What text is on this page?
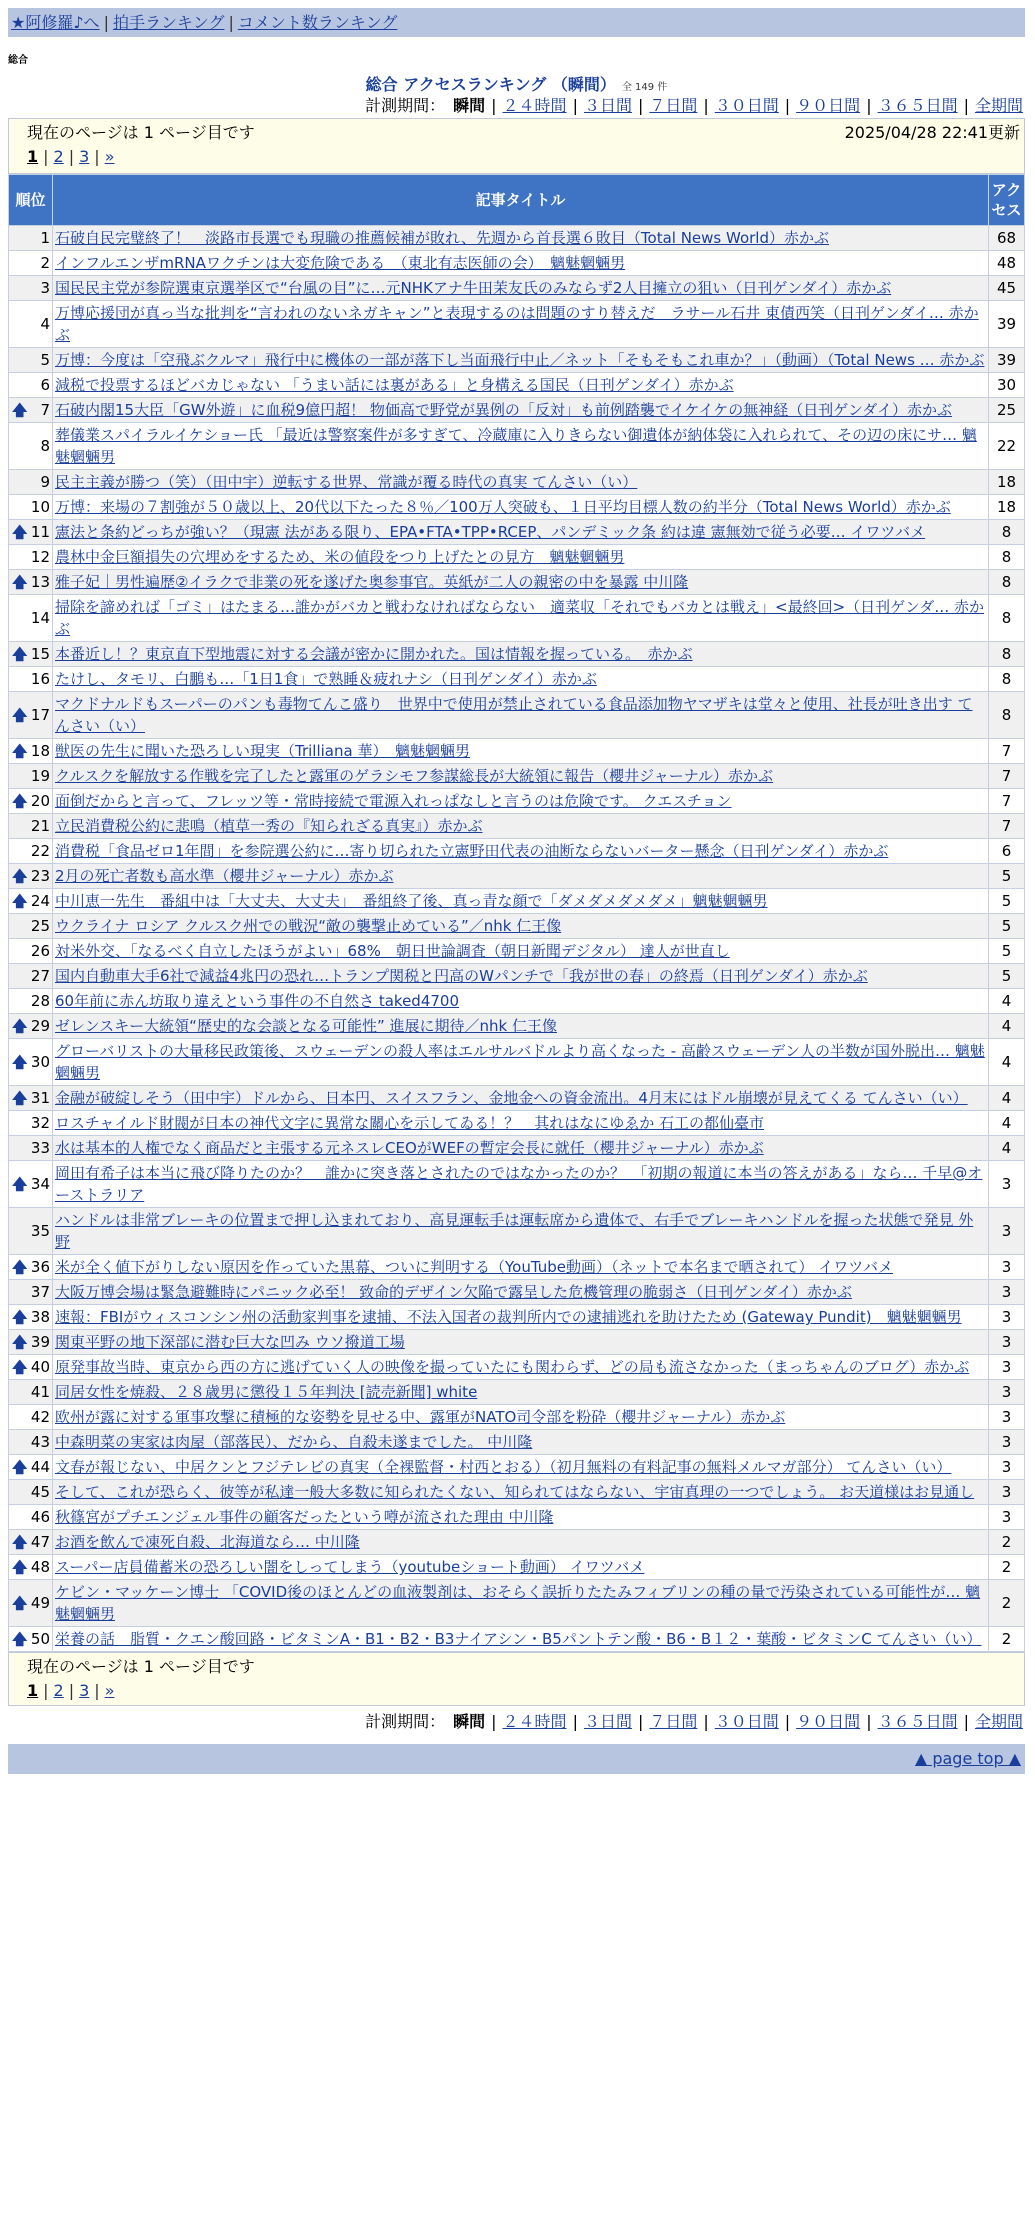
★阿修羅♪へ | 拍手ランキング | コメント数ランキング
総合
総合 アクセスランキング （瞬間） 全 149 件
計測期間： 瞬間 | ２４時間 | ３日間 | ７日間 | ３０日間 | ９０日間 | ３６５日間 | 全期間
現在のページは 1 ページ目です	2025/04/28 22:41更新
1 | 2 | 3 | »
順位	記事タイトル	アクセス
1	石破自民完璧終了！　淡路市長選でも現職の推薦候補が敗れ、先週から首長選６敗目（Total News World）赤かぶ	68
2	インフルエンザmRNAワクチンは大変危険である　（東北有志医師の会）　魑魅魍魎男	48
3	国民民主党が参院選東京選挙区で“台風の目”に…元NHKアナ牛田茉友氏のみならず2人目擁立の狙い（日刊ゲンダイ）赤かぶ	45
4	万博応援団が真っ当な批判を“言われのないネガキャン”と表現するのは問題のすり替えだ　ラサール石井 東債西笑（日刊ゲンダイ… 赤かぶ	39
5	万博：今度は「空飛ぶクルマ」飛行中に機体の一部が落下し当面飛行中止／ネット「そもそもこれ車か？」（動画）（Total News … 赤かぶ	39
6	減税で投票するほどバカじゃない 「うまい話には裏がある」と身構える国民（日刊ゲンダイ）赤かぶ	30

🡅 7	石破内閣15大臣「GW外遊」に血税9億円超！ 物価高で野党が異例の「反対」も前例踏襲でイケイケの無神経（日刊ゲンダイ）赤かぶ	25
8	葬儀業スパイラルイケショー氏 「最近は警察案件が多すぎて、冷蔵庫に入りきらない御遺体が納体袋に入れられて、その辺の床にサ… 魑魅魍魎男	22
9	民主主義が勝つ（笑）（田中宇）逆転する世界、常識が覆る時代の真実 てんさい（い）	18
10	万博：来場の７割強が５０歳以上、20代以下たった８％／100万人突破も、１日平均目標人数の約半分（Total News World）赤かぶ	18

🡅 11	憲法と条約どっちが強い？（現憲 法がある限り、EPA•FTA•TPP•RCEP、パンデミック条 約は違 憲無効で従う必要… イワツバメ	8
12	農林中金巨額損失の穴埋めをするため、米の値段をつり上げたとの見方　魑魅魍魎男	8

🡅 13	雅子妃｜男性遍歴②イラクで非業の死を遂げた奥参事官。英紙が二人の親密の中を暴露 中川隆	8
14	掃除を諦めれば「ゴミ」はたまる…誰かがバカと戦わなければならない　適菜収「それでもバカとは戦え」<最終回>（日刊ゲンダ… 赤かぶ	8

🡅 15	本番近し！？東京直下型地震に対する会議が密かに開かれた。国は情報を握っている。　赤かぶ	8
16	たけし、タモリ、白鵬も…「1日1食」で熟睡＆疲れナシ（日刊ゲンダイ）赤かぶ	8

🡅 17	マクドナルドもスーパーのパンも毒物てんこ盛り　世界中で使用が禁止されている食品添加物ヤマザキは堂々と使用、社長が吐き出す てんさい（い）	8

🡅 18	獣医の先生に聞いた恐ろしい現実（Trilliana 華）　魑魅魍魎男	7
19	クルスクを解放する作戦を完了したと露軍のゲラシモフ参謀総長が大統領に報告（櫻井ジャーナル）赤かぶ	7

🡅 20	面倒だからと言って、フレッツ等・常時接続で電源入れっぱなしと言うのは危険です。 クエスチョン	7
21	立民消費税公約に悲鳴（植草一秀の『知られざる真実』）赤かぶ	7
22	消費税「食品ゼロ1年間」を参院選公約に…寄り切られた立憲野田代表の油断ならないバーター懸念（日刊ゲンダイ）赤かぶ	6

🡅 23	2月の死亡者数も高水準（櫻井ジャーナル）赤かぶ	5

🡅 24	中川恵一先生　番組中は「大丈夫、大丈夫」　番組終了後、真っ青な顔で「ダメダメダメダメ」魑魅魍魎男	5
25	ウクライナ ロシア クルスク州での戦況“敵の襲撃止めている”／nhk 仁王像	5
26	対米外交、「なるべく自立したほうがよい」68%　朝日世論調査（朝日新聞デジタル） 達人が世直し	5
27	国内自動車大手6社で減益4兆円の恐れ…トランプ関税と円高のWパンチで「我が世の春」の終焉（日刊ゲンダイ）赤かぶ	5
28	60年前に赤ん坊取り違えという事件の不自然さ taked4700	4

🡅 29	ゼレンスキー大統領“歴史的な会談となる可能性” 進展に期待／nhk 仁王像	4

🡅 30	グローバリストの大量移民政策後、スウェーデンの殺人率はエルサルバドルより高くなった - 高齢スウェーデン人の半数が国外脱出… 魑魅魍魎男	4

🡅 31	金融が破綻しそう（田中宇）ドルから、日本円、スイスフラン、金地金への資金流出。4月末にはドル崩壊が見えてくる てんさい（い）	4
32	ロスチャイルド財閥が日本の神代文字に異常な關心を示してゐる！？　其れはなにゆゑか 石工の都仙臺市	4
33	水は基本的人権でなく商品だと主張する元ネスレCEOがWEFの暫定会長に就任（櫻井ジャーナル）赤かぶ	4

🡅 34	岡田有希子は本当に飛び降りたのか？　誰かに突き落とされたのではなかったのか？　「初期の報道に本当の答えがある」なら… 千早@オーストラリア	3
35	ハンドルは非常ブレーキの位置まで押し込まれており、高見運転手は運転席から遺体で、右手でブレーキハンドルを握った状態で発見 外野	3

🡅 36	米が全く値下がりしない原因を作っていた黒幕、ついに判明する（YouTube動画）（ネットで本名まで晒されて） イワツバメ	3
37	大阪万博会場は緊急避難時にパニック必至！ 致命的デザイン欠陥で露呈した危機管理の脆弱さ（日刊ゲンダイ）赤かぶ	3

🡅 38	速報：FBIがウィスコンシン州の活動家判事を逮捕、不法入国者の裁判所内での逮捕逃れを助けたため (Gateway Pundit)　魑魅魍魎男	3

🡅 39	関東平野の地下深部に潜む巨大な凹み ウソ撥道工場	3

🡅 40	原発事故当時、東京から西の方に逃げていく人の映像を撮っていたにも関わらず、どの局も流さなかった（まっちゃんのブログ）赤かぶ	3
41	同居女性を焼殺、２８歳男に懲役１５年判決 [読売新聞] white	3
42	欧州が露に対する軍事攻撃に積極的な姿勢を見せる中、露軍がNATO司令部を粉砕（櫻井ジャーナル）赤かぶ	3
43	中森明菜の実家は肉屋（部落民）、だから、自殺未遂までした。 中川隆	3

🡅 44	文春が報じない、中居クンとフジテレビの真実（全裸監督・村西とおる）（初月無料の有料記事の無料メルマガ部分） てんさい（い）	3
45	そして、これが恐らく、彼等が私達一般大多数に知られたくない、知られてはならない、宇宙真理の一つでしょう。 お天道様はお見通し	3
46	秋篠宮がプチエンジェル事件の顧客だったという噂が流された理由 中川隆	3

🡅 47	お酒を飲んで凍死自殺、北海道なら… 中川隆	2

🡅 48	スーパー店員備蓄米の恐ろしい闇をしってしまう（youtubeショート動画） イワツバメ	2

🡅 49	ケビン・マッケーン博士 「COVID後のほとんどの血液製剤は、おそらく誤折りたたみフィブリンの種の量で汚染されている可能性が… 魑魅魍魎男	2

🡅 50	栄養の話　脂質・クエン酸回路・ビタミンA・B1・B2・B3ナイアシン・B5パントテン酸・B6・B１２・葉酸・ビタミンC てんさい（い）	2
現在のページは 1 ページ目です
1 | 2 | 3 | »
計測期間： 瞬間 | ２４時間 | ３日間 | ７日間 | ３０日間 | ９０日間 | ３６５日間 | 全期間
▲ page top ▲
